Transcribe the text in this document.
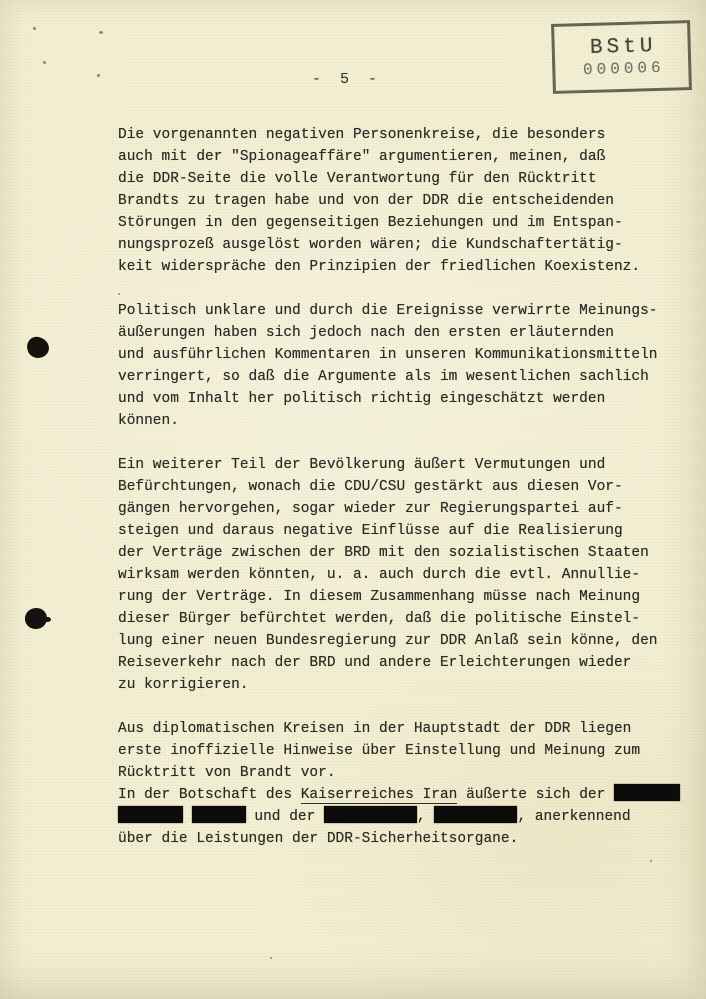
BStU
000006
- 5 -
Die vorgenannten negativen Personenkreise, die besonders
auch mit der "Spionageaffäre" argumentieren, meinen, daß
die DDR-Seite die volle Verantwortung für den Rücktritt
Brandts zu tragen habe und von der DDR die entscheidenden
Störungen in den gegenseitigen Beziehungen und im Entspan-
nungsprozeß ausgelöst worden wären; die Kundschaftertätig-
keit widerspräche den Prinzipien der friedlichen Koexistenz.
Politisch unklare und durch die Ereignisse verwirrte Meinungs-
äußerungen haben sich jedoch nach den ersten erläuternden
und ausführlichen Kommentaren in unseren Kommunikationsmitteln
verringert, so daß die Argumente als im wesentlichen sachlich
und vom Inhalt her politisch richtig eingeschätzt werden
können.
Ein weiterer Teil der Bevölkerung äußert Vermutungen und
Befürchtungen, wonach die CDU/CSU gestärkt aus diesen Vor-
gängen hervorgehen, sogar wieder zur Regierungspartei auf-
steigen und daraus negative Einflüsse auf die Realisierung
der Verträge zwischen der BRD mit den sozialistischen Staaten
wirksam werden könnten, u. a. auch durch die evtl. Annullie-
rung der Verträge. In diesem Zusammenhang müsse nach Meinung
dieser Bürger befürchtet werden, daß die politische Einstel-
lung einer neuen Bundesregierung zur DDR Anlaß sein könne, den
Reiseverkehr nach der BRD und andere Erleichterungen wieder
zu korrigieren.
Aus diplomatischen Kreisen in der Hauptstadt der DDR liegen
erste inoffizielle Hinweise über Einstellung und Meinung zum
Rücktritt von Brandt vor.
In der Botschaft des Kaiserreiches Iran äußerte sich der
und der	,	, anerkennend
über die Leistungen der DDR-Sicherheitsorgane.
